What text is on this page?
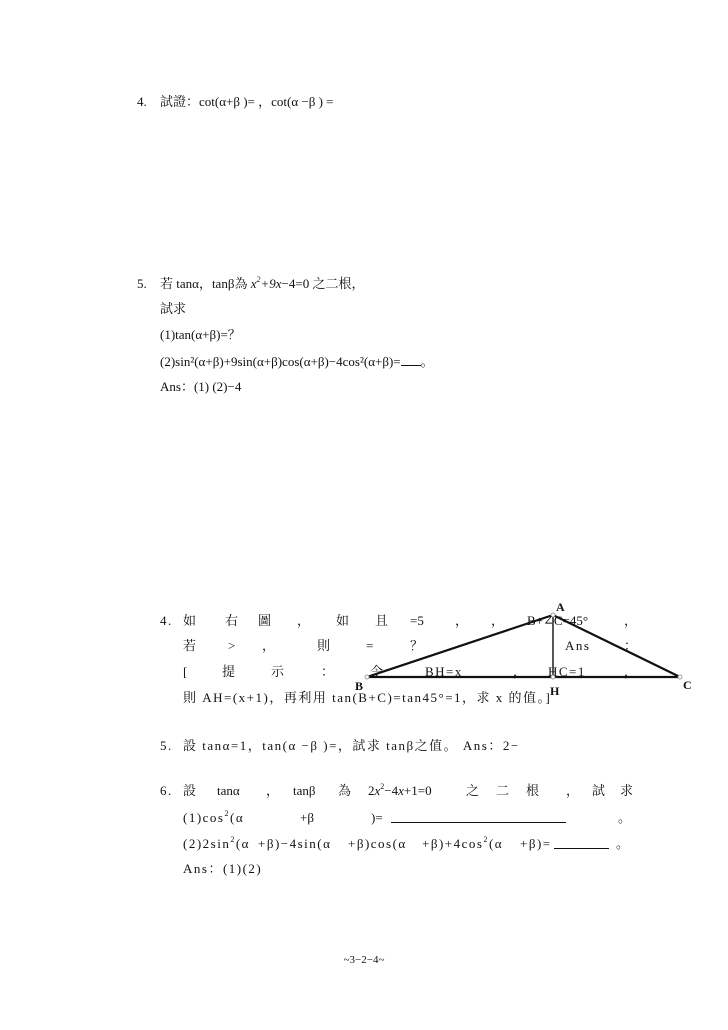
4. 試證：cot(α+β )= ，cot(α −β ) =
5. 若 tanα，tanβ為 $x^2+9x-4=0$ 之二根，
試求
(1)tan(α+β)=？
(2)sin²(α+β)+9sin(α+β)cos(α+β)−4cos²(α+β)= 。
Ans：(1) (2)−4
A
B	C
H
4. 如 右 圖 ， 如 且 =5 ， ， B+∠C=45°	，
若 > ，	則	=	？	Ans	：
[	提	示	：	令	BH=x	， HC=1	，
則 AH=(x+1)，再利用 tan(B+C)=tan45°=1，求 x 的值。]
5. 設 tanα=1，tan(α −β )=，試求 tanβ之值。 Ans：2−
6. 設 tanα ， tanβ 為 $2x^2-4x+1=0$	之 二 根 ， 試 求
$(1)\cos^2(\alpha$	+β	)=	。
$(2)2\sin^2(\alpha +\beta)-4\sin(\alpha +\beta)\cos(\alpha +\beta)+4\cos^2(\alpha +\beta)=$	。
Ans：(1)(2)
~3−2−4~
